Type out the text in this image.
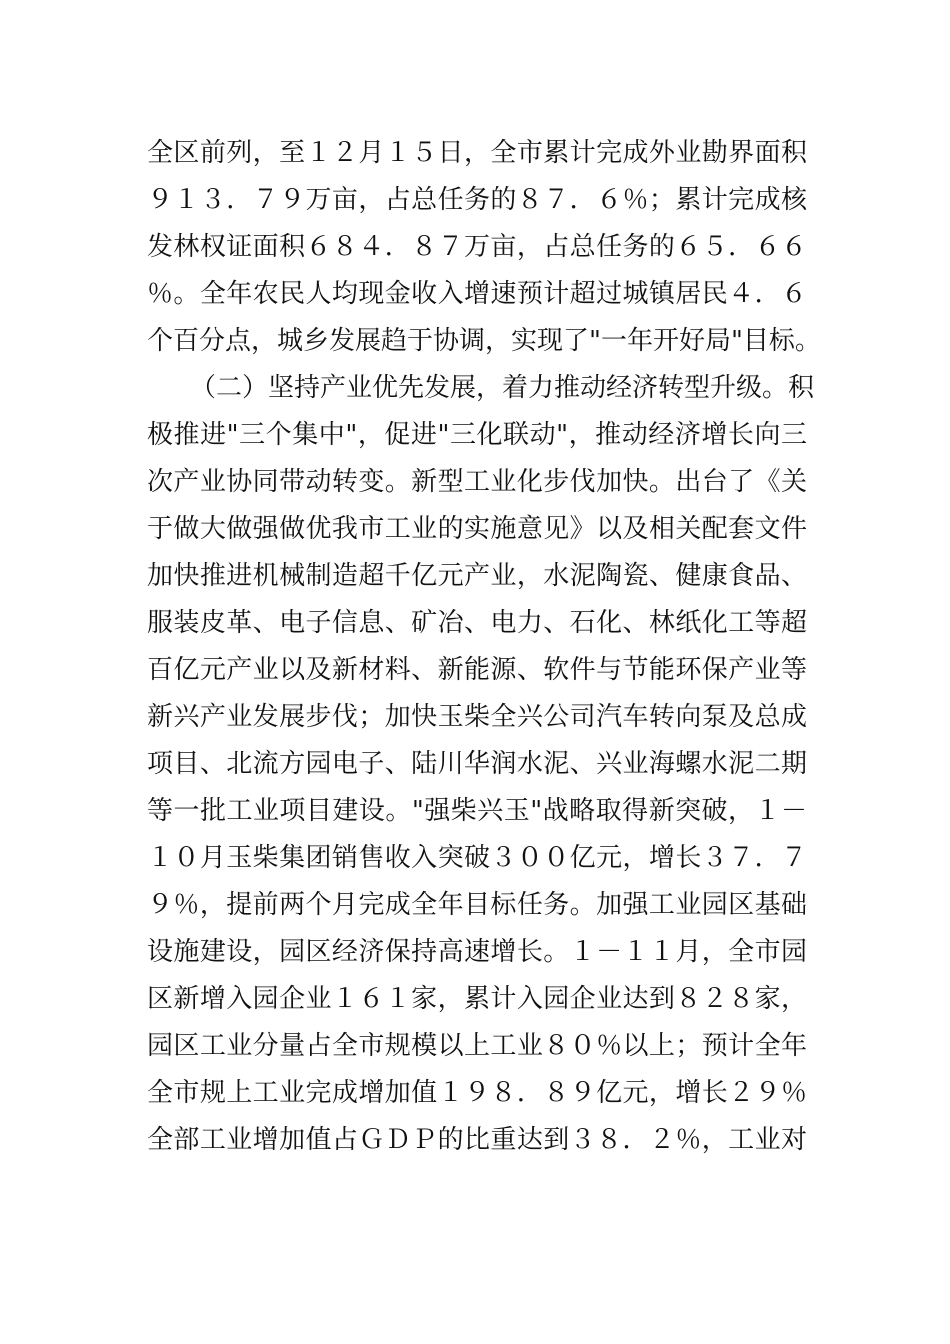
全区前列，至１２月１５日，全市累计完成外业勘界面积
９１３．７９万亩，占总任务的８７．６％；累计完成核
发林权证面积６８４．８７万亩，占总任务的６５．６６
％。全年农民人均现金收入增速预计超过城镇居民４．６
个百分点，城乡发展趋于协调，实现了"一年开好局"目标。
（二）坚持产业优先发展，着力推动经济转型升级。积
极推进"三个集中"，促进"三化联动"，推动经济增长向三
次产业协同带动转变。新型工业化步伐加快。出台了《关
于做大做强做优我市工业的实施意见》以及相关配套文件
加快推进机械制造超千亿元产业，水泥陶瓷、健康食品、
服装皮革、电子信息、矿冶、电力、石化、林纸化工等超
百亿元产业以及新材料、新能源、软件与节能环保产业等
新兴产业发展步伐；加快玉柴全兴公司汽车转向泵及总成
项目、北流方园电子、陆川华润水泥、兴业海螺水泥二期
等一批工业项目建设。"强柴兴玉"战略取得新突破，１－
１０月玉柴集团销售收入突破３００亿元，增长３７．７
９％，提前两个月完成全年目标任务。加强工业园区基础
设施建设，园区经济保持高速增长。１－１１月，全市园
区新增入园企业１６１家，累计入园企业达到８２８家，
园区工业分量占全市规模以上工业８０％以上；预计全年
全市规上工业完成增加值１９８．８９亿元，增长２９％
全部工业增加值占ＧＤＰ的比重达到３８．２％，工业对
